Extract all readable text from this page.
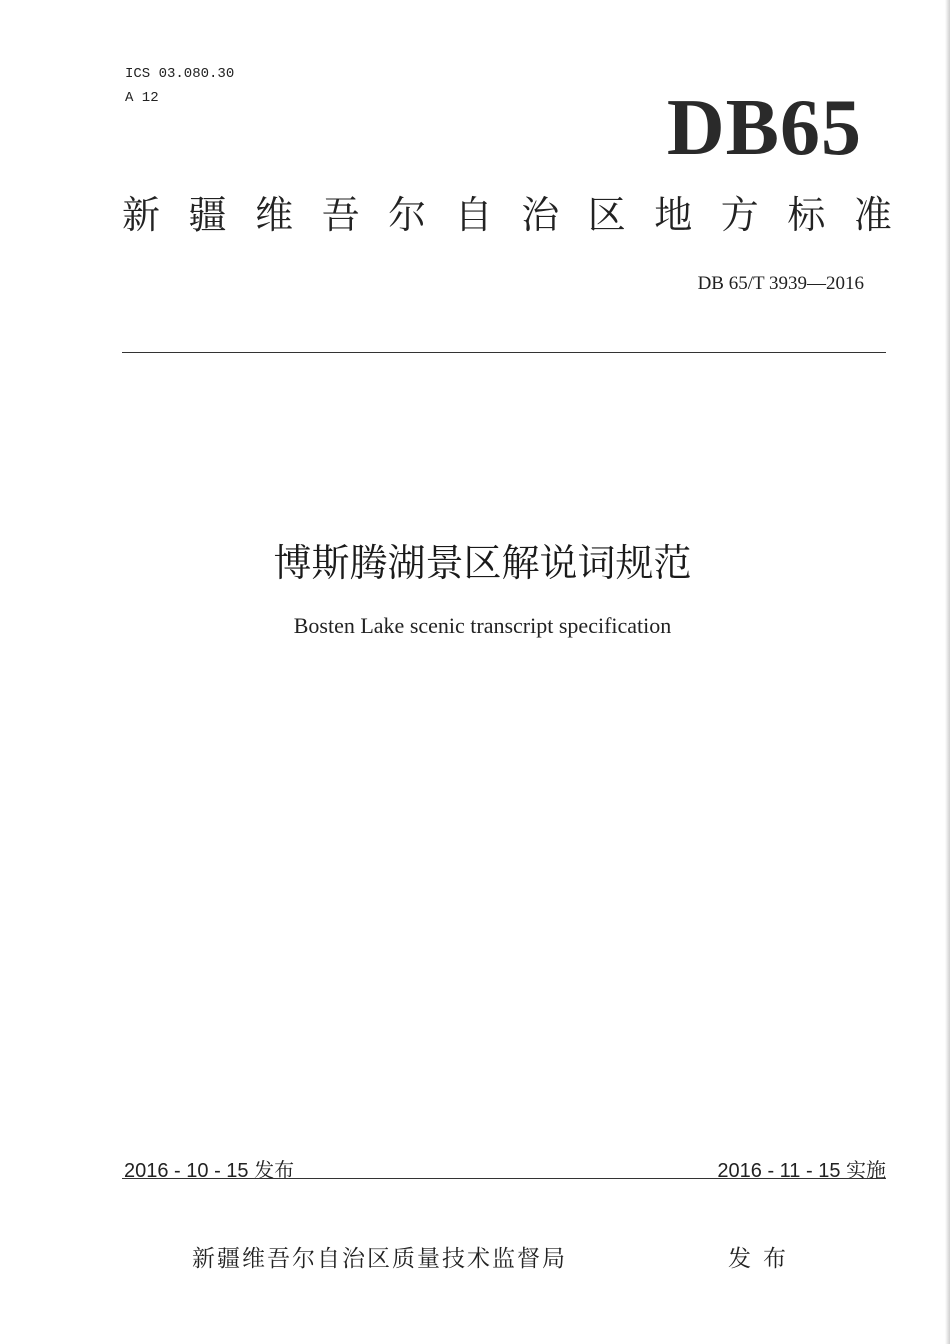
ICS 03.080.30
A 12	DB65
新 疆 维 吾 尔 自 治 区 地 方 标 准
DB 65/T 3939—2016
博斯腾湖景区解说词规范
Bosten Lake scenic transcript specification
2016 - 10 - 15 发布	2016 - 11 - 15 实施
新疆维吾尔自治区质量技术监督局	发布
